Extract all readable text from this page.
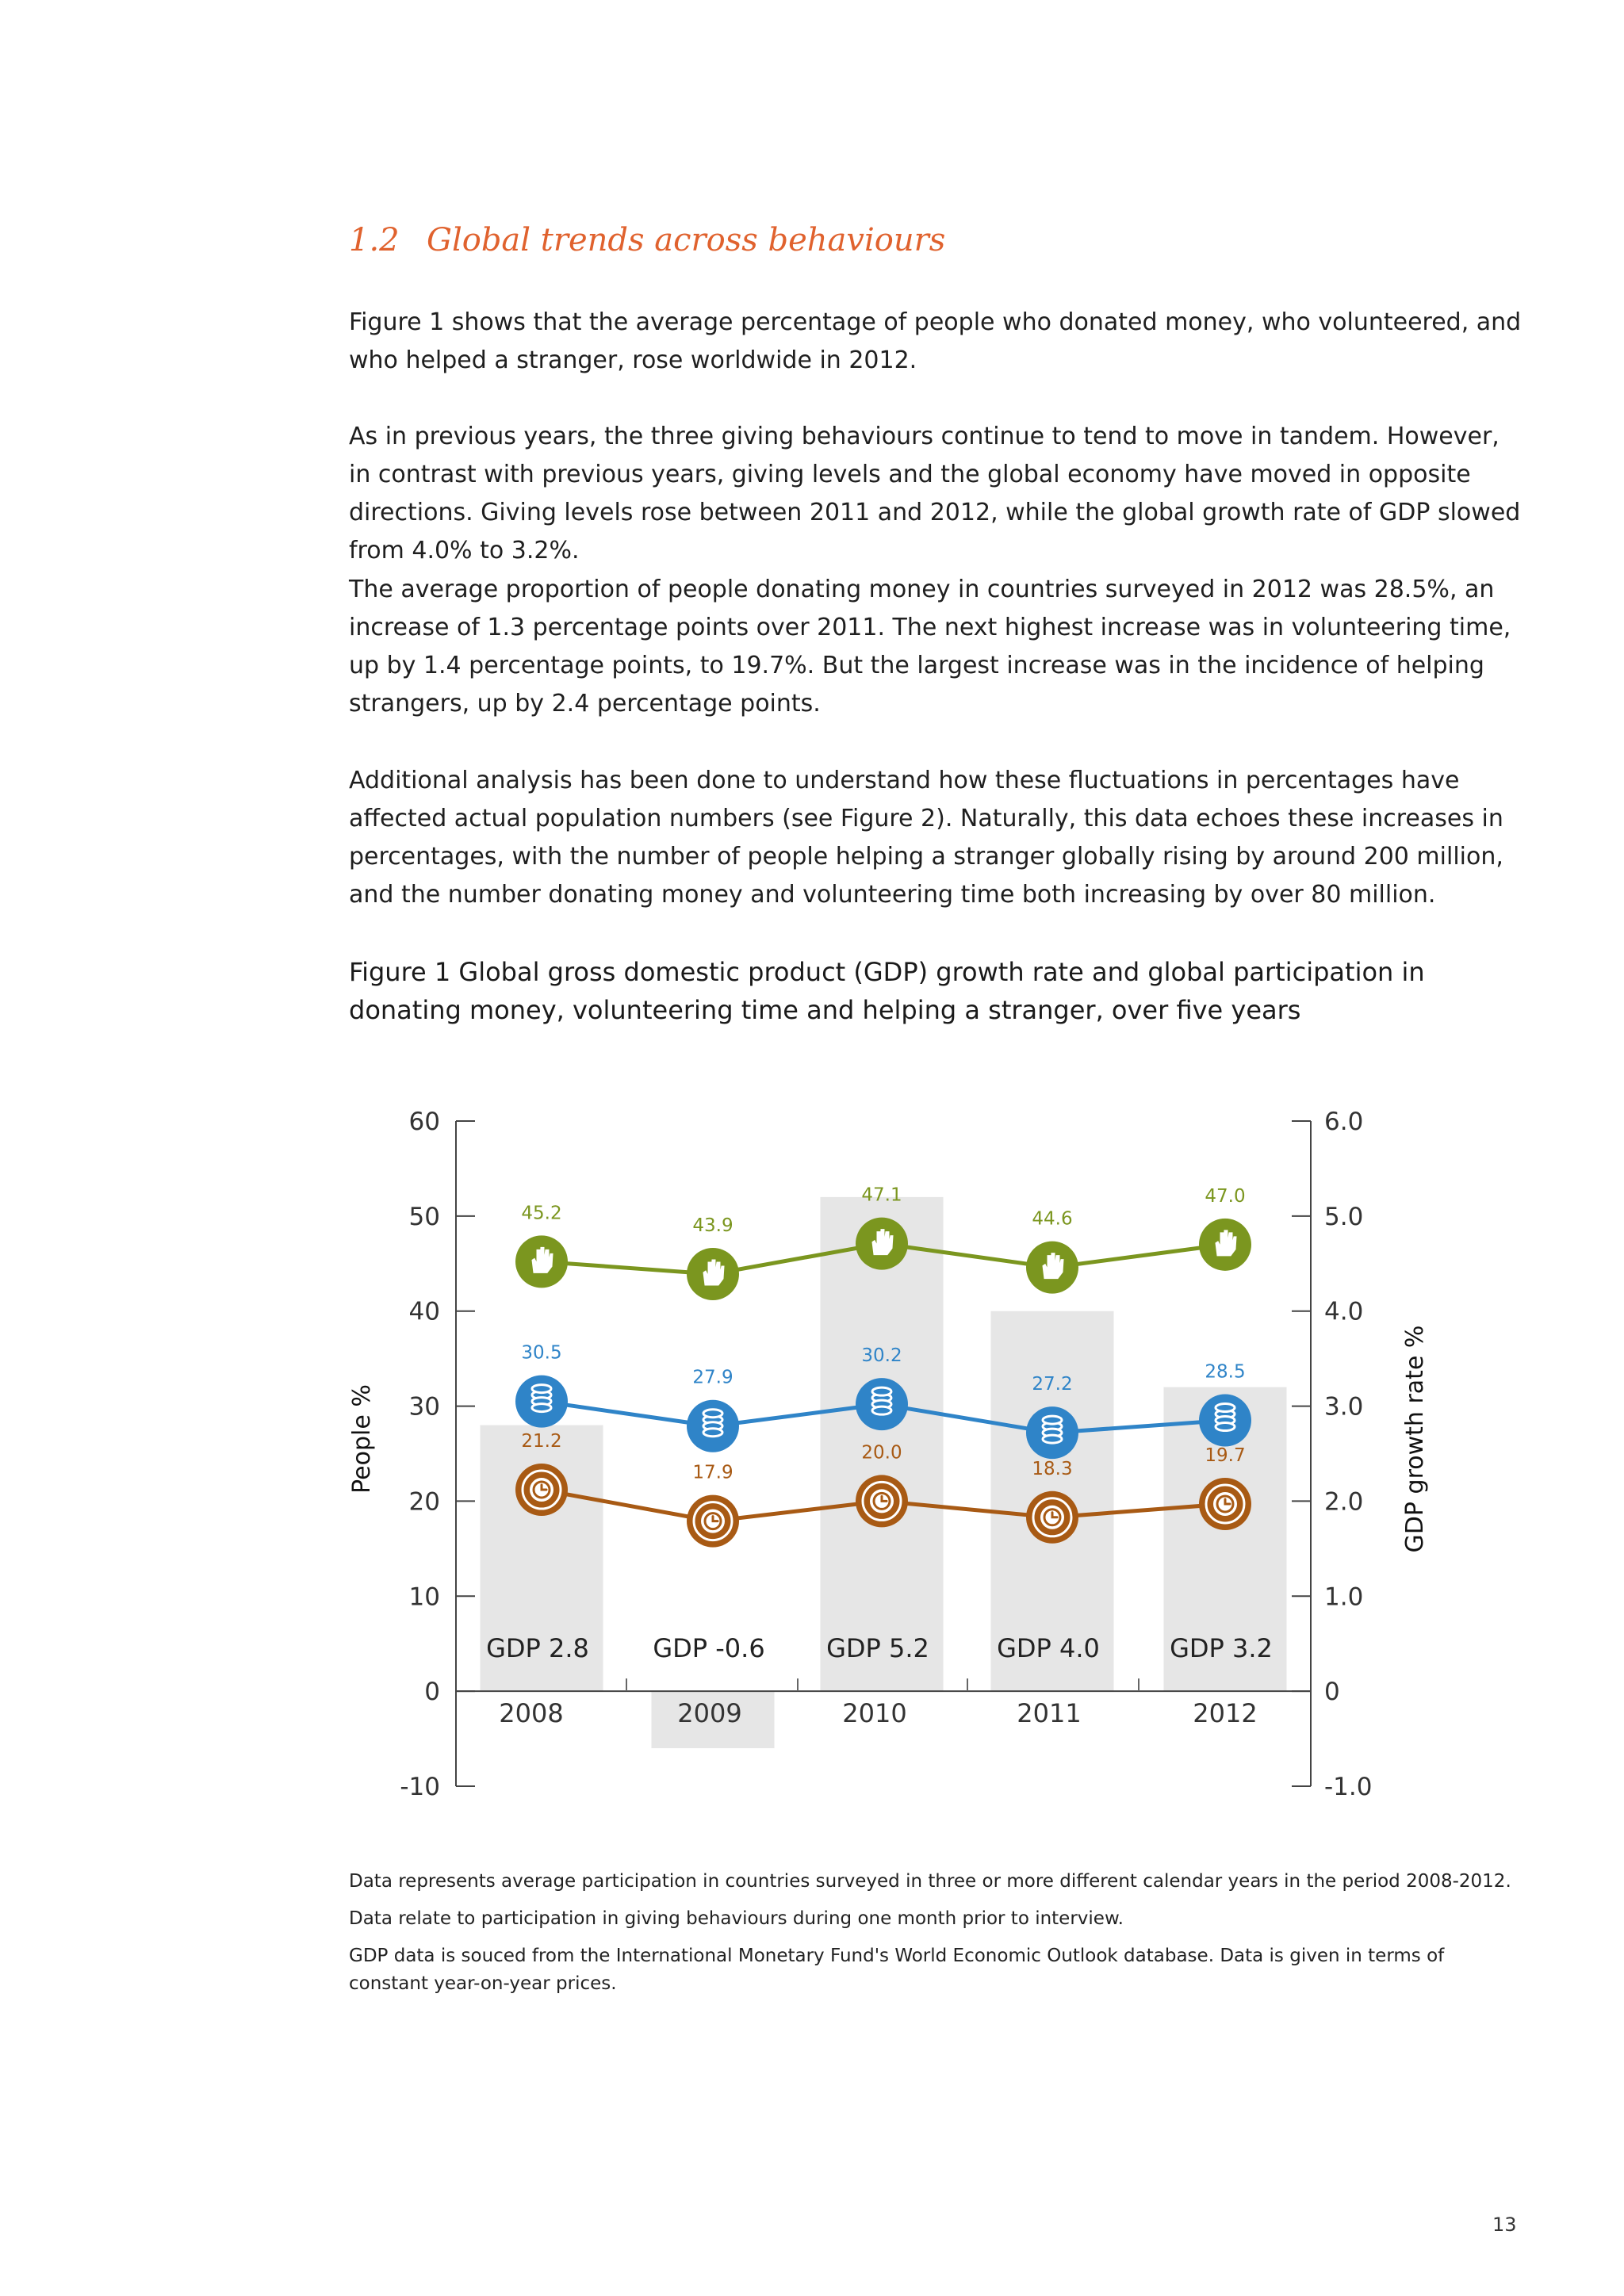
1.2 Global trends across behaviours

Figure 1 shows that the average percentage of people who donated money, who volunteered, and who helped a stranger, rose worldwide in 2012.

As in previous years, the three giving behaviours continue to tend to move in tandem. However, in contrast with previous years, giving levels and the global economy have moved in opposite directions. Giving levels rose between 2011 and 2012, while the global growth rate of GDP slowed from 4.0% to 3.2%.

The average proportion of people donating money in countries surveyed in 2012 was 28.5%, an increase of 1.3 percentage points over 2011. The next highest increase was in volunteering time, up by 1.4 percentage points, to 19.7%. But the largest increase was in the incidence of helping strangers, up by 2.4 percentage points.

Additional analysis has been done to understand how these fluctuations in percentages have affected actual population numbers (see Figure 2). Naturally, this data echoes these increases in percentages, with the number of people helping a stranger globally rising by around 200 million, and the number donating money and volunteering time both increasing by over 80 million.

Figure 1 Global gross domestic product (GDP) growth rate and global participation in donating money, volunteering time and helping a stranger, over five years

GDP 2.8	GDP -0.6 GDP 5.2	GDP 4.0	GDP 3.2
-10
0
10
20
30
40
50
60
-1.0
0
1.0
2.0
3.0
4.0
5.0
6.0
People %	GDP growth rate %
2008	2009	2010	2011	2012
45.2
43.9
47.1
44.6
47.0
30.5
27.9
30.2
27.2
28.5
21.2
17.9
20.0
18.3
19.7

Data represents average participation in countries surveyed in three or more different calendar years in the period 2008-2012.

Data relate to participation in giving behaviours during one month prior to interview.

GDP data is souced from the International Monetary Fund's World Economic Outlook database. Data is given in terms of constant year-on-year prices.

13
